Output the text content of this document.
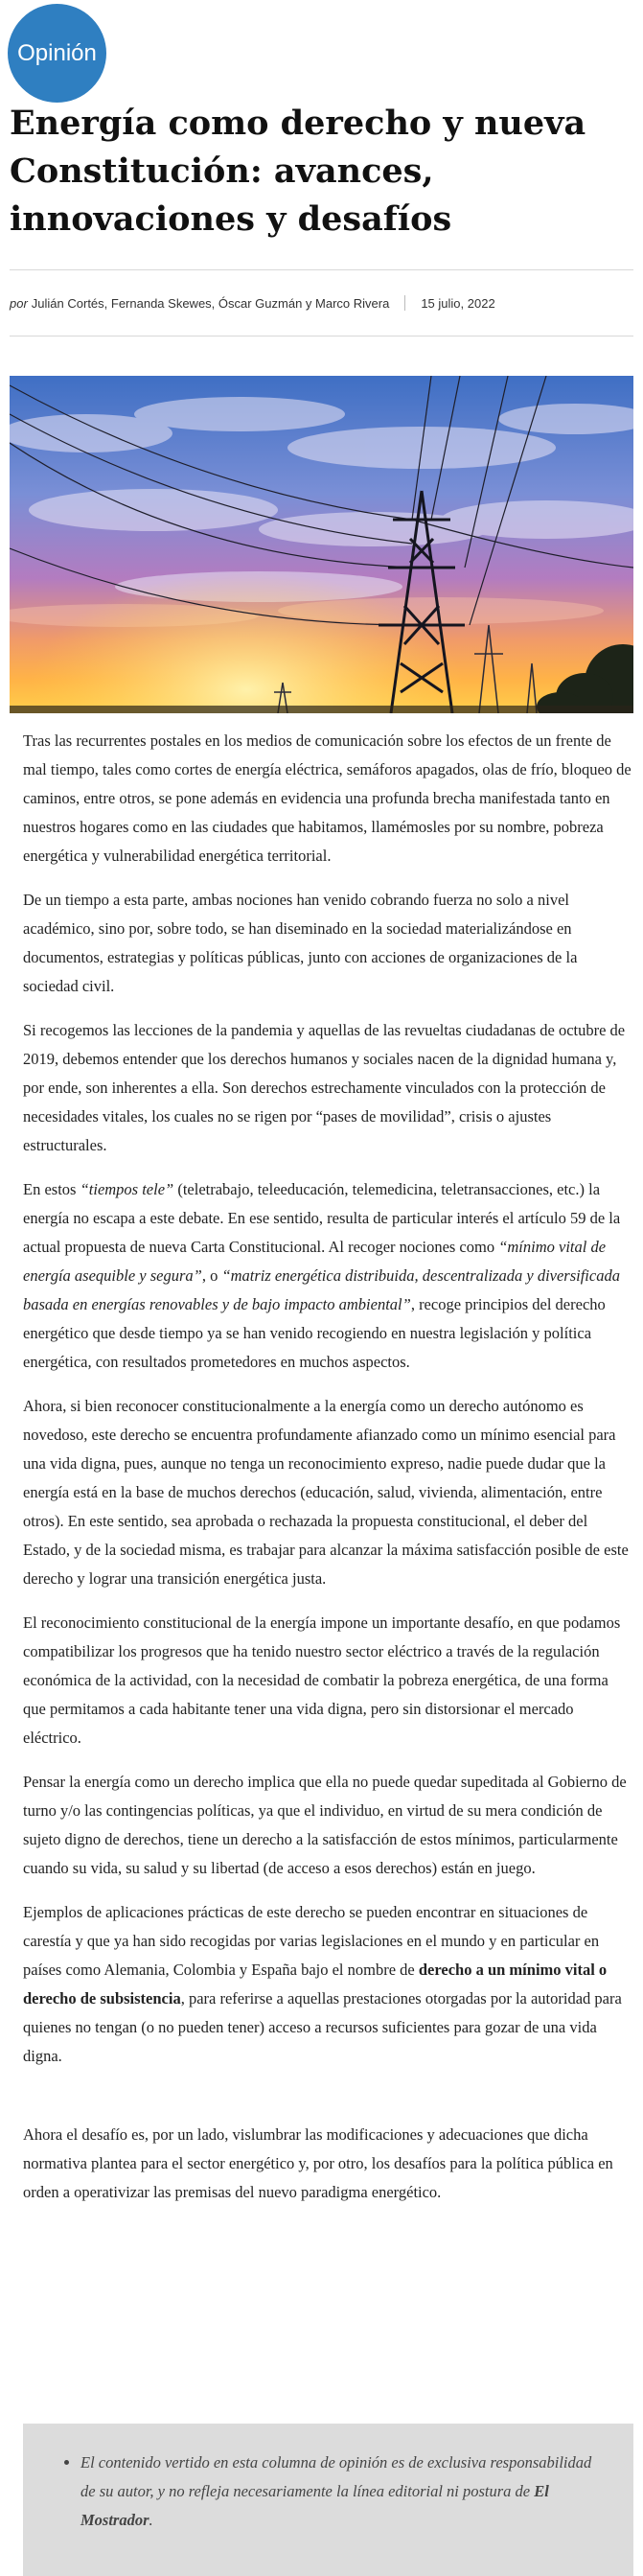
Opinión
Energía como derecho y nueva Constitución: avances, innovaciones y desafíos
por Julián Cortés, Fernanda Skewes, Óscar Guzmán y Marco Rivera	15 julio, 2022

Tras las recurrentes postales en los medios de comunicación sobre los efectos de un frente de mal tiempo, tales como cortes de energía eléctrica, semáforos apagados, olas de frío, bloqueo de caminos, entre otros, se pone además en evidencia una profunda brecha manifestada tanto en nuestros hogares como en las ciudades que habitamos, llamémosles por su nombre, pobreza energética y vulnerabilidad energética territorial.

De un tiempo a esta parte, ambas nociones han venido cobrando fuerza no solo a nivel académico, sino por, sobre todo, se han diseminado en la sociedad materializándose en documentos, estrategias y políticas públicas, junto con acciones de organizaciones de la sociedad civil.

Si recogemos las lecciones de la pandemia y aquellas de las revueltas ciudadanas de octubre de 2019, debemos entender que los derechos humanos y sociales nacen de la dignidad humana y, por ende, son inherentes a ella. Son derechos estrechamente vinculados con la protección de necesidades vitales, los cuales no se rigen por “pases de movilidad”, crisis o ajustes estructurales.

En estos “tiempos tele” (teletrabajo, teleeducación, telemedicina, teletransacciones, etc.) la energía no escapa a este debate. En ese sentido, resulta de particular interés el artículo 59 de la actual propuesta de nueva Carta Constitucional. Al recoger nociones como “mínimo vital de energía asequible y segura”, o “matriz energética distribuida, descentralizada y diversificada basada en energías renovables y de bajo impacto ambiental”, recoge principios del derecho energético que desde tiempo ya se han venido recogiendo en nuestra legislación y política energética, con resultados prometedores en muchos aspectos.

Ahora, si bien reconocer constitucionalmente a la energía como un derecho autónomo es novedoso, este derecho se encuentra profundamente afianzado como un mínimo esencial para una vida digna, pues, aunque no tenga un reconocimiento expreso, nadie puede dudar que la energía está en la base de muchos derechos (educación, salud, vivienda, alimentación, entre otros). En este sentido, sea aprobada o rechazada la propuesta constitucional, el deber del Estado, y de la sociedad misma, es trabajar para alcanzar la máxima satisfacción posible de este derecho y lograr una transición energética justa.

El reconocimiento constitucional de la energía impone un importante desafío, en que podamos compatibilizar los progresos que ha tenido nuestro sector eléctrico a través de la regulación económica de la actividad, con la necesidad de combatir la pobreza energética, de una forma que permitamos a cada habitante tener una vida digna, pero sin distorsionar el mercado eléctrico.

Pensar la energía como un derecho implica que ella no puede quedar supeditada al Gobierno de turno y/o las contingencias políticas, ya que el individuo, en virtud de su mera condición de sujeto digno de derechos, tiene un derecho a la satisfacción de estos mínimos, particularmente cuando su vida, su salud y su libertad (de acceso a esos derechos) están en juego.

Ejemplos de aplicaciones prácticas de este derecho se pueden encontrar en situaciones de carestía y que ya han sido recogidas por varias legislaciones en el mundo y en particular en países como Alemania, Colombia y España bajo el nombre de derecho a un mínimo vital o derecho de subsistencia, para referirse a aquellas prestaciones otorgadas por la autoridad para quienes no tengan (o no pueden tener) acceso a recursos suficientes para gozar de una vida digna.

Ahora el desafío es, por un lado, vislumbrar las modificaciones y adecuaciones que dicha normativa plantea para el sector energético y, por otro, los desafíos para la política pública en orden a operativizar las premisas del nuevo paradigma energético.

• El contenido vertido en esta columna de opinión es de exclusiva responsabilidad de su autor, y no refleja necesariamente la línea editorial ni postura de El Mostrador.
